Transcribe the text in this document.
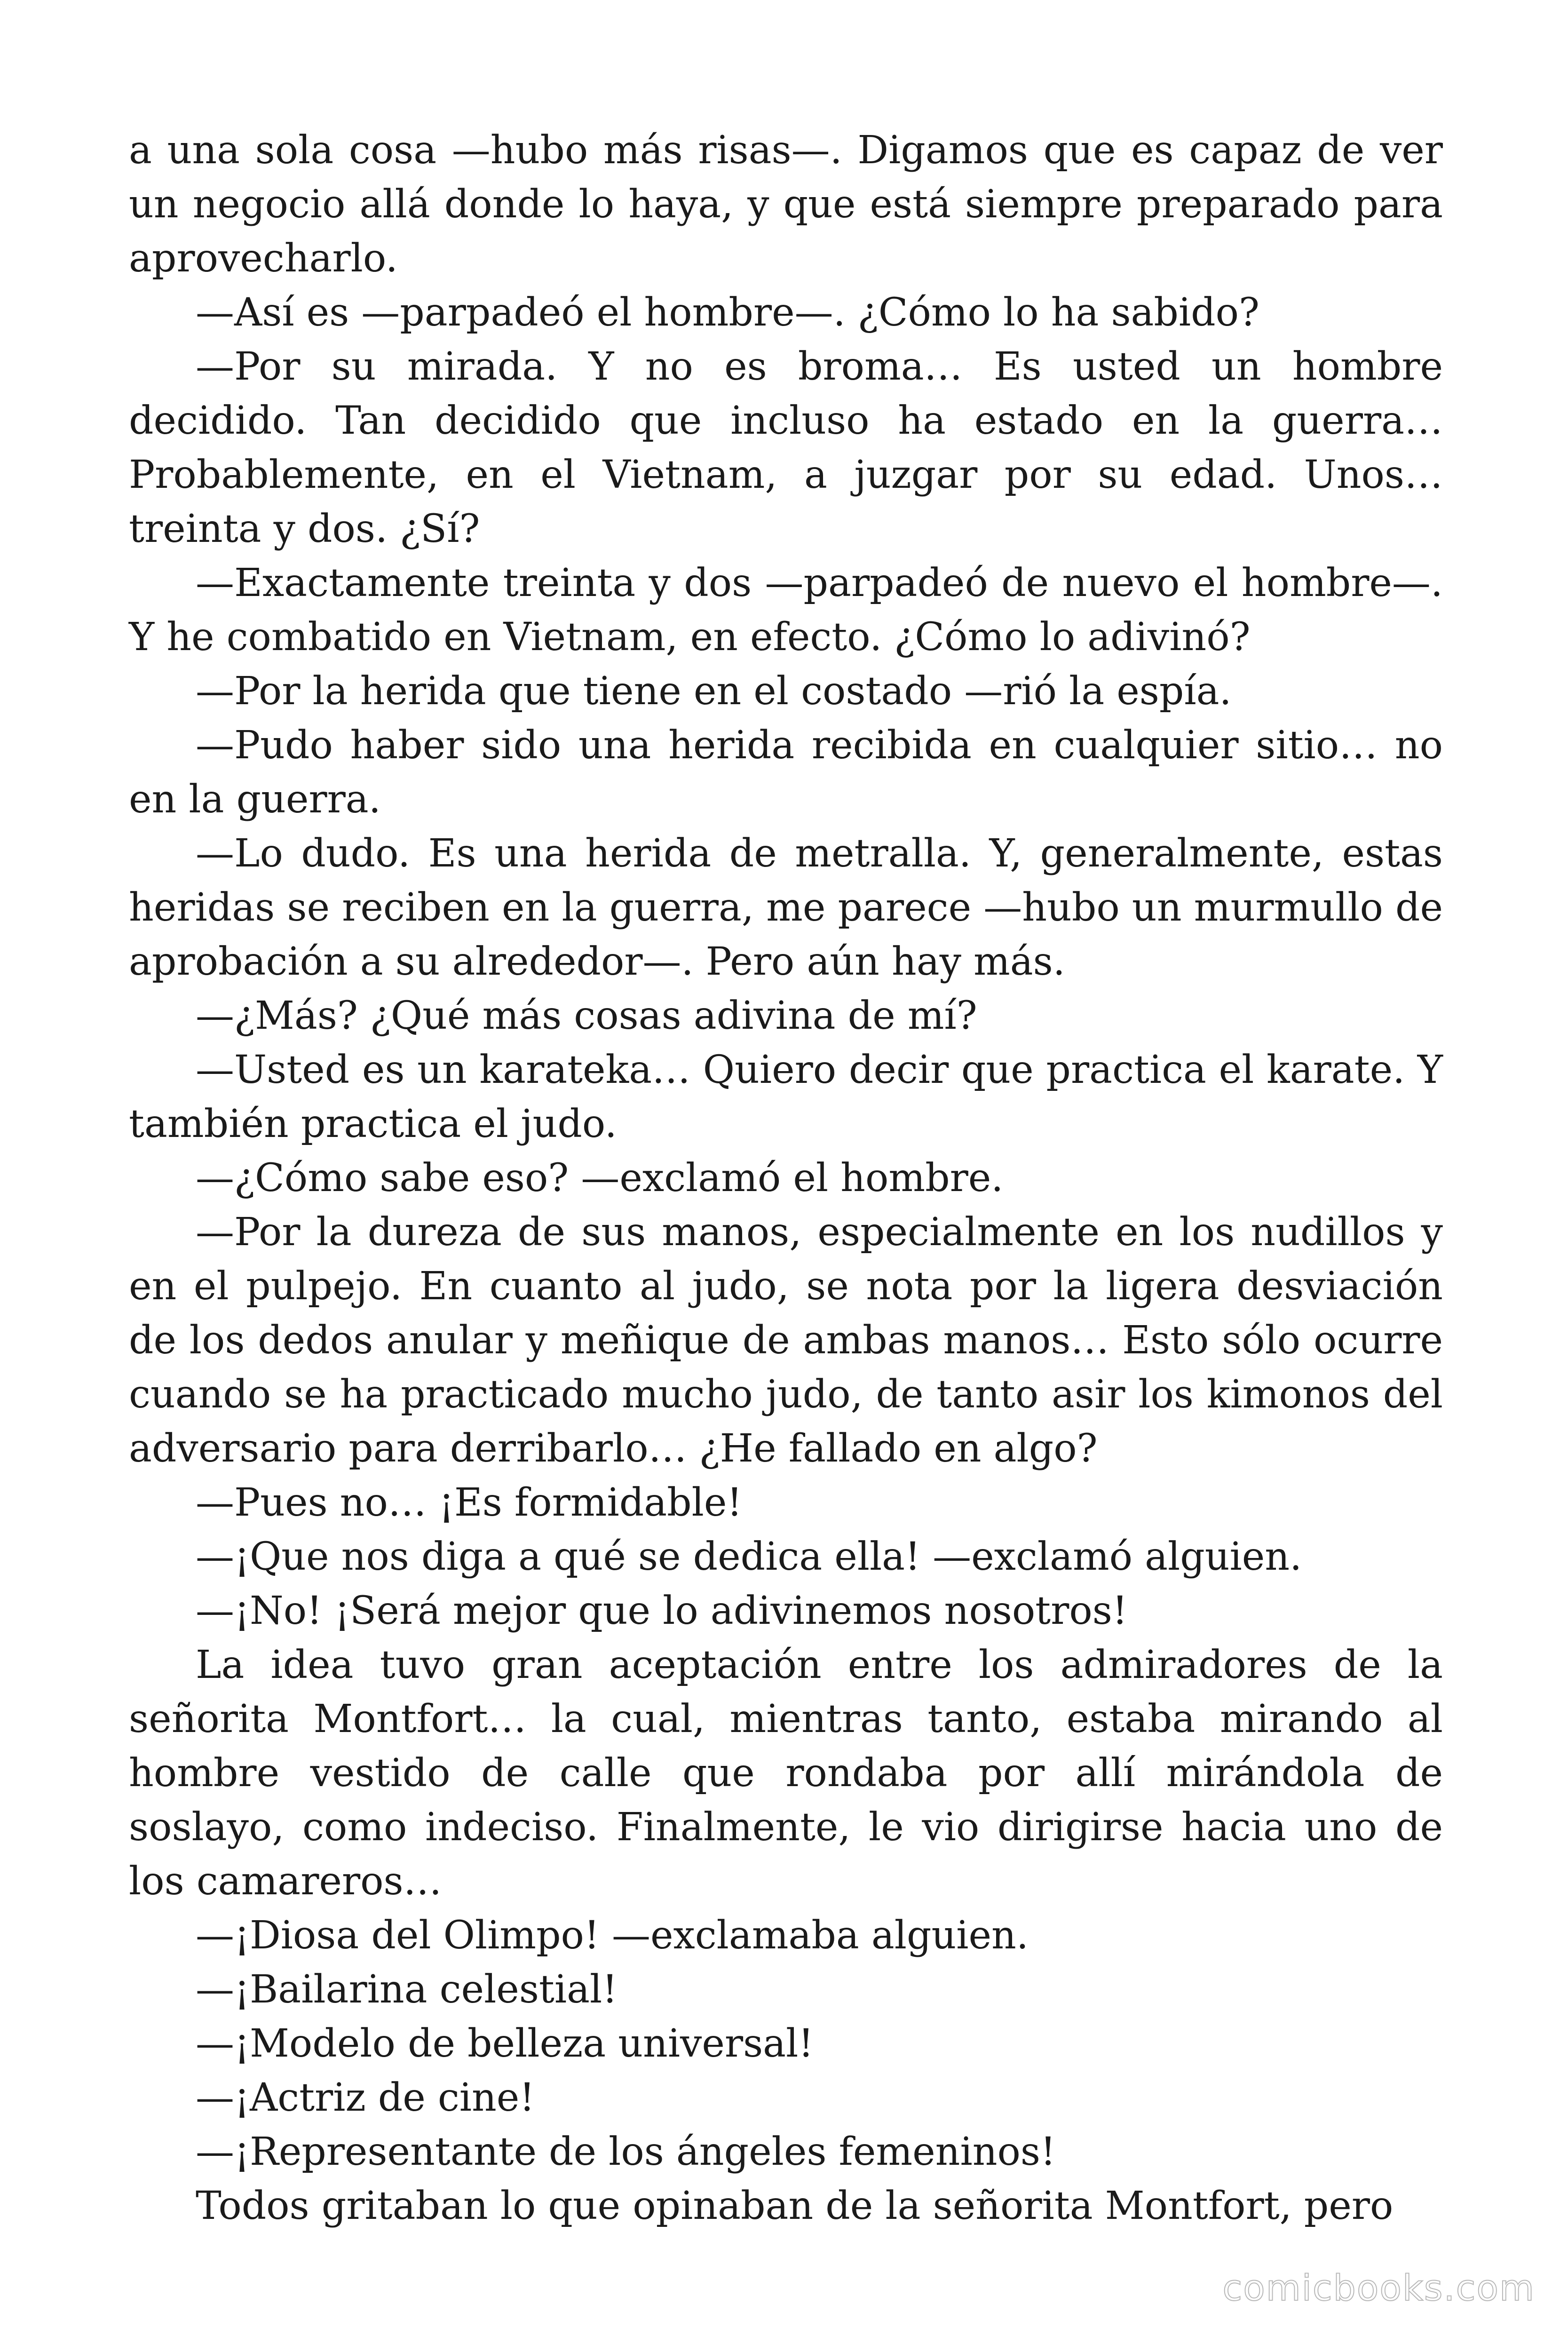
a una sola cosa —hubo más risas—. Digamos que es capaz de ver un negocio allá donde lo haya, y que está siempre preparado para aprovecharlo.

—Así es —parpadeó el hombre—. ¿Cómo lo ha sabido?

—Por su mirada. Y no es broma… Es usted un hombre decidido. Tan decidido que incluso ha estado en la guerra… Probablemente, en el Vietnam, a juzgar por su edad. Unos… treinta y dos. ¿Sí?

—Exactamente treinta y dos —parpadeó de nuevo el hombre—. Y he combatido en Vietnam, en efecto. ¿Cómo lo adivinó?

—Por la herida que tiene en el costado —rió la espía.

—Pudo haber sido una herida recibida en cualquier sitio… no en la guerra.

—Lo dudo. Es una herida de metralla. Y, generalmente, estas heridas se reciben en la guerra, me parece —hubo un murmullo de aprobación a su alrededor—. Pero aún hay más.

—¿Más? ¿Qué más cosas adivina de mí?

—Usted es un karateka… Quiero decir que practica el karate. Y también practica el judo.

—¿Cómo sabe eso? —exclamó el hombre.

—Por la dureza de sus manos, especialmente en los nudillos y en el pulpejo. En cuanto al judo, se nota por la ligera desviación de los dedos anular y meñique de ambas manos… Esto sólo ocurre cuando se ha practicado mucho judo, de tanto asir los kimonos del adversario para derribarlo… ¿He fallado en algo?

—Pues no… ¡Es formidable!

—¡Que nos diga a qué se dedica ella! —exclamó alguien.

—¡No! ¡Será mejor que lo adivinemos nosotros!

La idea tuvo gran aceptación entre los admiradores de la señorita Montfort… la cual, mientras tanto, estaba mirando al hombre vestido de calle que rondaba por allí mirándola de soslayo, como indeciso. Finalmente, le vio dirigirse hacia uno de los camareros…

—¡Diosa del Olimpo! —exclamaba alguien.

—¡Bailarina celestial!

—¡Modelo de belleza universal!

—¡Actriz de cine!

—¡Representante de los ángeles femeninos!

Todos gritaban lo que opinaban de la señorita Montfort, pero

comicbooks.com
